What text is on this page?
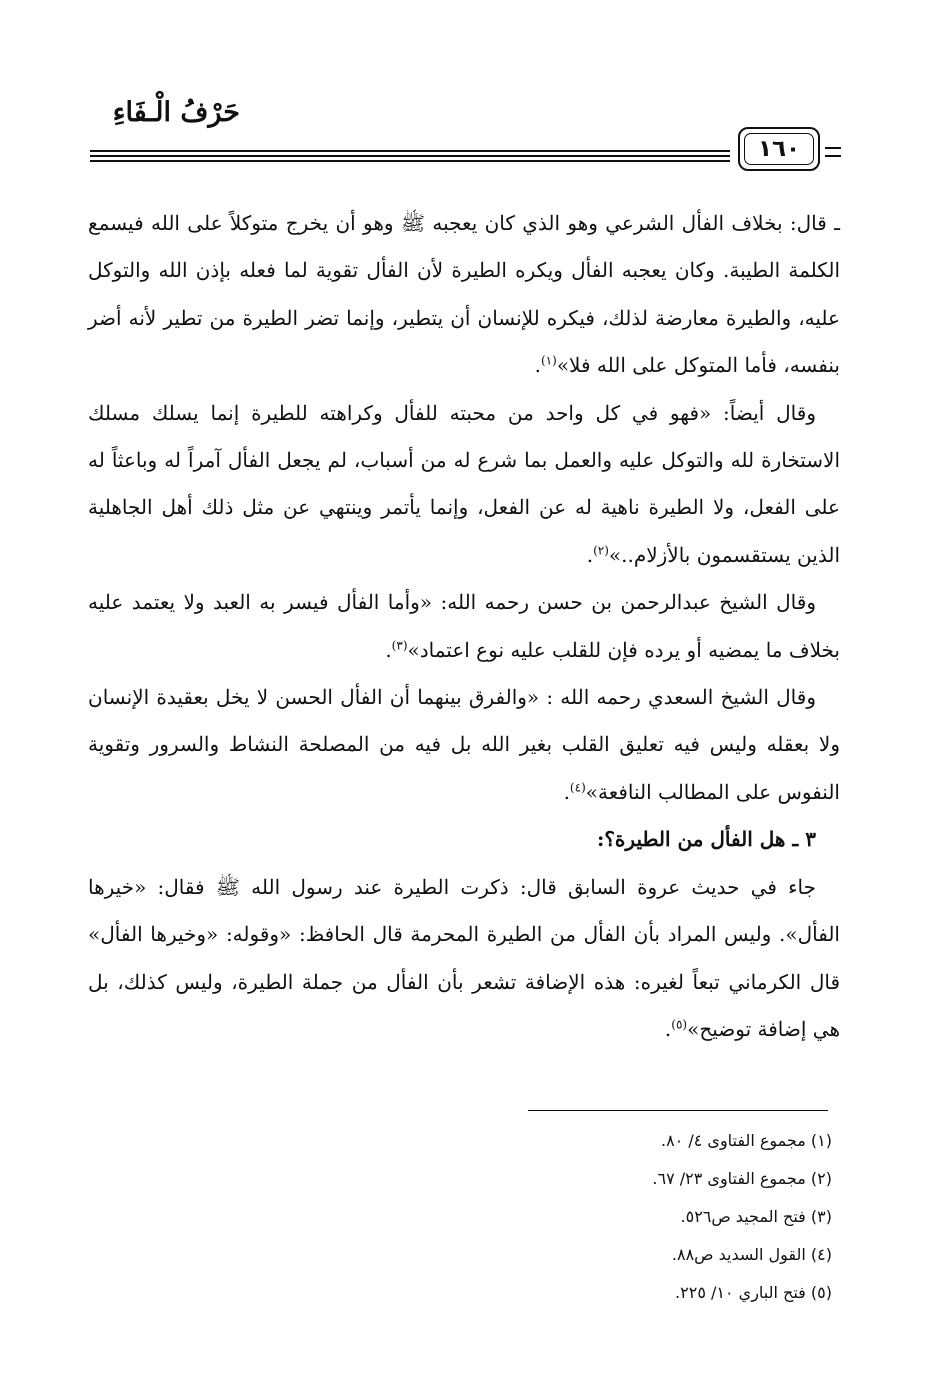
حَرْفُ الْـفَاءِ
١٦٠

ـ قال: بخلاف الفأل الشرعي وهو الذي كان يعجبه ﷺ وهو أن يخرج متوكلاً على الله فيسمع الكلمة الطيبة. وكان يعجبه الفأل ويكره الطيرة لأن الفأل تقوية لما فعله بإذن الله والتوكل عليه، والطيرة معارضة لذلك، فيكره للإنسان أن يتطير، وإنما تضر الطيرة من تطير لأنه أضر بنفسه، فأما المتوكل على الله فلا»$^{(١)}$.

وقال أيضاً: «فهو في كل واحد من محبته للفأل وكراهته للطيرة إنما يسلك مسلك الاستخارة لله والتوكل عليه والعمل بما شرع له من أسباب، لم يجعل الفأل آمراً له وباعثاً له على الفعل، ولا الطيرة ناهية له عن الفعل، وإنما يأتمر وينتهي عن مثل ذلك أهل الجاهلية الذين يستقسمون بالأزلام..»$^{(٢)}$.

وقال الشيخ عبدالرحمن بن حسن رحمه الله: «وأما الفأل فيسر به العبد ولا يعتمد عليه بخلاف ما يمضيه أو يرده فإن للقلب عليه نوع اعتماد»$^{(٣)}$.

وقال الشيخ السعدي رحمه الله : «والفرق بينهما أن الفأل الحسن لا يخل بعقيدة الإنسان ولا بعقله وليس فيه تعليق القلب بغير الله بل فيه من المصلحة النشاط والسرور وتقوية النفوس على المطالب النافعة»$^{(٤)}$.

٣ ـ هل الفأل من الطيرة؟:

جاء في حديث عروة السابق قال: ذكرت الطيرة عند رسول الله ﷺ فقال: «خيرها الفأل». وليس المراد بأن الفأل من الطيرة المحرمة قال الحافظ: «وقوله: «وخيرها الفأل» قال الكرماني تبعاً لغيره: هذه الإضافة تشعر بأن الفأل من جملة الطيرة، وليس كذلك، بل هي إضافة توضيح»$^{(٥)}$.

(١) مجموع الفتاوى ٤/ ٨٠.
(٢) مجموع الفتاوى ٢٣/ ٦٧.
(٣) فتح المجيد ص٥٢٦.
(٤) القول السديد ص٨٨.
(٥) فتح الباري ١٠/ ٢٢٥.
